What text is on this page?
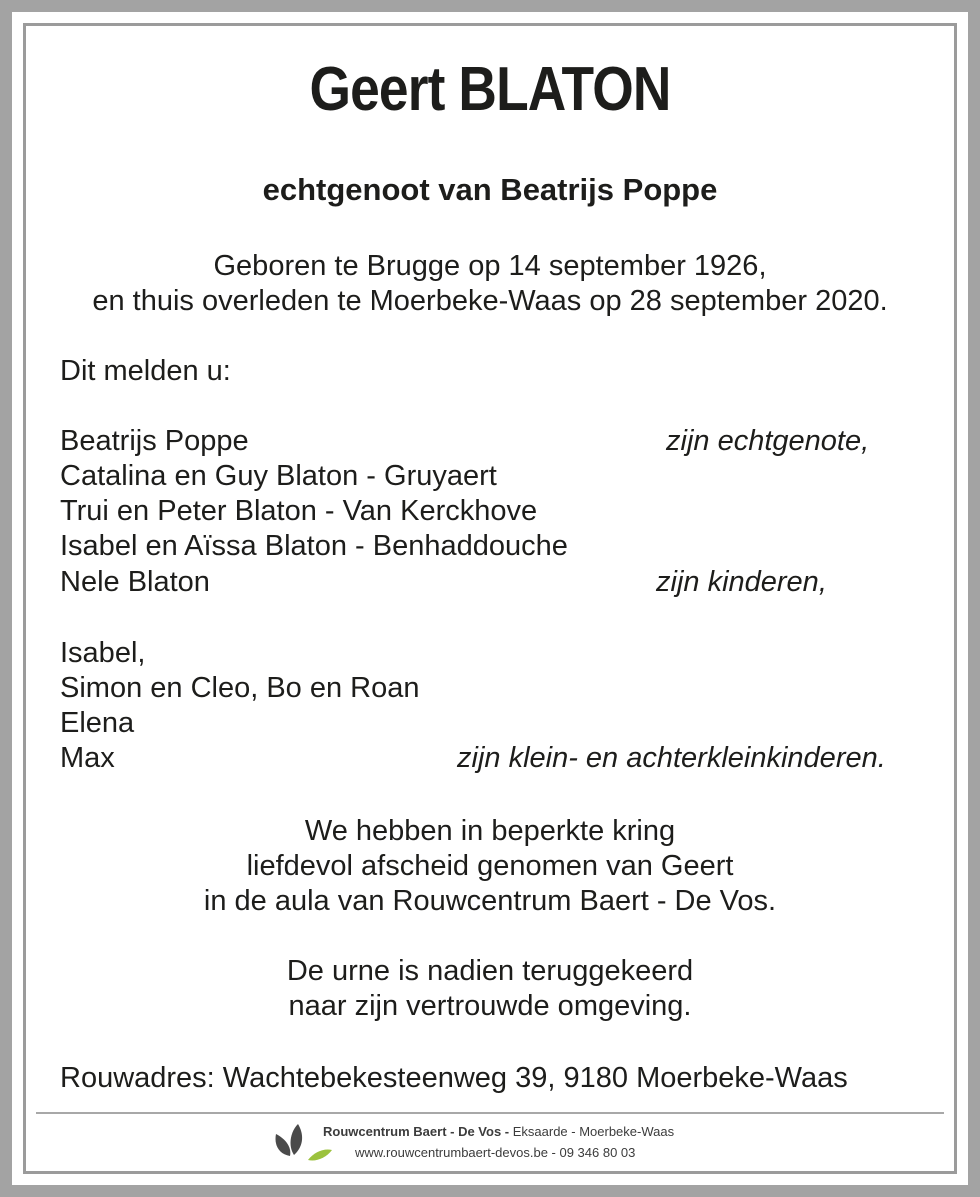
Geert BLATON
echtgenoot van Beatrijs Poppe
Geboren te Brugge op 14 september 1926,
en thuis overleden te Moerbeke-Waas op 28 september 2020.
Dit melden u:
Beatrijs Poppe	zijn echtgenote,
Catalina en Guy Blaton - Gruyaert
Trui en Peter Blaton - Van Kerckhove
Isabel en Aïssa Blaton - Benhaddouche
Nele Blaton	zijn kinderen,
Isabel,
Simon en Cleo, Bo en Roan
Elena
Max	zijn klein- en achterkleinkinderen.
We hebben in beperkte kring
liefdevol afscheid genomen van Geert
in de aula van Rouwcentrum Baert - De Vos.
De urne is nadien teruggekeerd
naar zijn vertrouwde omgeving.
Rouwadres: Wachtebekesteenweg 39, 9180 Moerbeke-Waas
Rouwcentrum Baert - De Vos - Eksaarde - Moerbeke-Waas
www.rouwcentrumbaert-devos.be - 09 346 80 03
